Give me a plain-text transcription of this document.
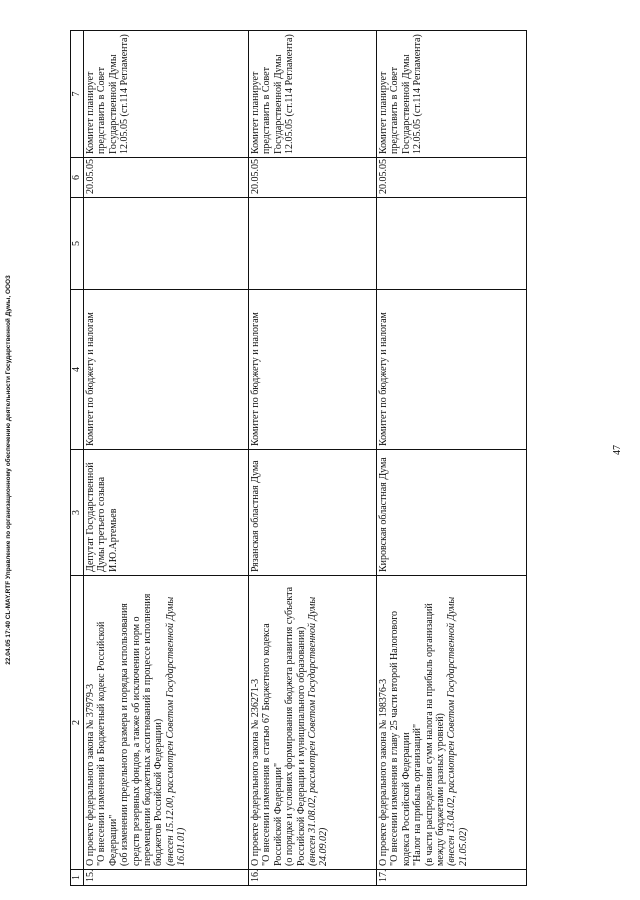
47
22.04.05 17:40 CL-MAY.RTF Управление по организационному обеспечению деятельности Государственной Думы, ООО3
1	2	3	4	5	6	7
15.	О проекте федерального закона № 37979-3 "О внесении изменений в Бюджетный кодекс Российской Федерации" (об изменении предельного размера и порядка использования средств резервных фондов, а также об исключении норм о перемещении бюджетных ассигнований в процессе исполнения бюджетов Российской Федерации) (внесен 15.12.00, рассмотрен Советом Государственной Думы 16.01.01)	Депутат Государственной Думы третьего созыва И.Ю.Артемьев	Комитет по бюджету и налогам		20.05.05	Комитет планирует представить в Совет Государственной Думы 12.05.05 (ст.114 Регламента)
16.	О проекте федерального закона № 236271-3 "О внесении изменения в статью 67 Бюджетного кодекса Российской Федерации" (о порядке и условиях формирования бюджета развития субъекта Российской Федерации и муниципального образования) (внесен 31.08.02, рассмотрен Советом Государственной Думы 24.09.02)	Рязанская областная Дума	Комитет по бюджету и налогам		20.05.05	Комитет планирует представить в Совет Государственной Думы 12.05.05 (ст.114 Регламента)
17.	О проекте федерального закона № 198376-3 "О внесении изменения в главу 25 части второй Налогового кодекса Российской Федерации "Налог на прибыль организаций" (в части распределения сумм налога на прибыль организаций между бюджетами разных уровней) (внесен 13.04.02, рассмотрен Советом Государственной Думы 21.05.02)	Кировская областная Дума	Комитет по бюджету и налогам		20.05.05	Комитет планирует представить в Совет Государственной Думы 12.05.05 (ст.114 Регламента)
